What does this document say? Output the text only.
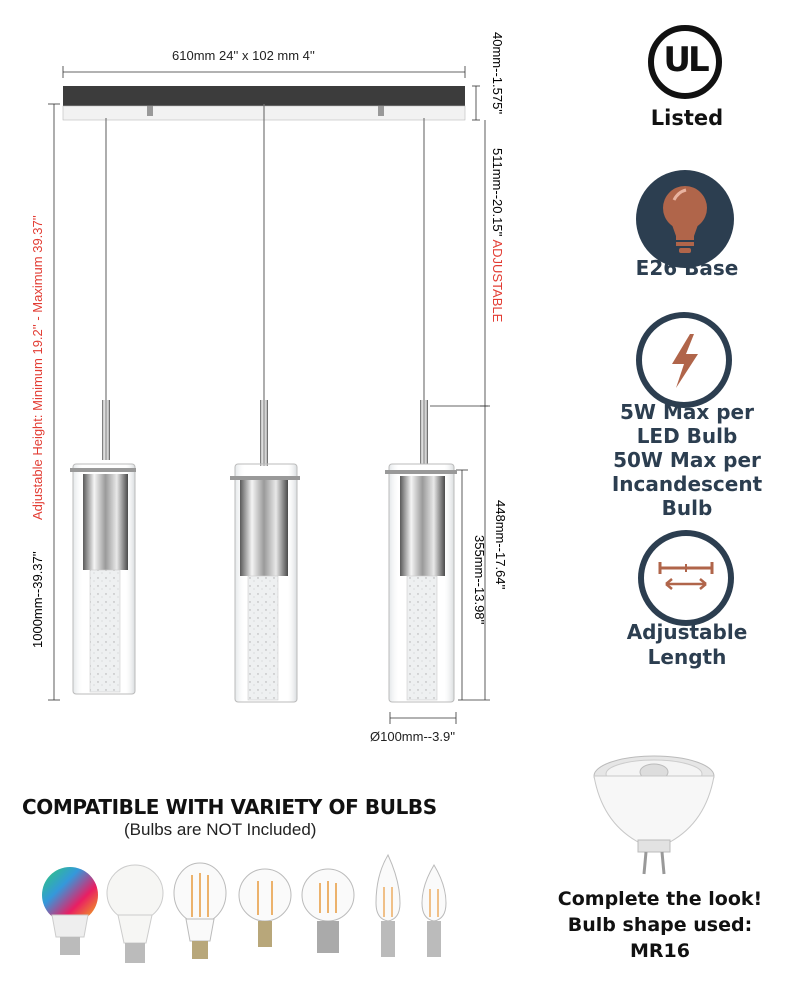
610mm 24'' x 102 mm 4''	40mm--1.575''
511mm--20.15'' ADJUSTABLE
Adjustable Height: Minimum 19.2'' - Maximum 39.37''
1000mm--39.37''
448mm--17.64''
355mm--13.98''
Ø100mm--3.9''
UL
Listed
E26 Base
5W Max per
LED Bulb
50W Max per
Incandescent Bulb
Adjustable
Length
Complete the look!
Bulb shape used:
MR16
COMPATIBLE WITH VARIETY OF BULBS
(Bulbs are NOT Included)
